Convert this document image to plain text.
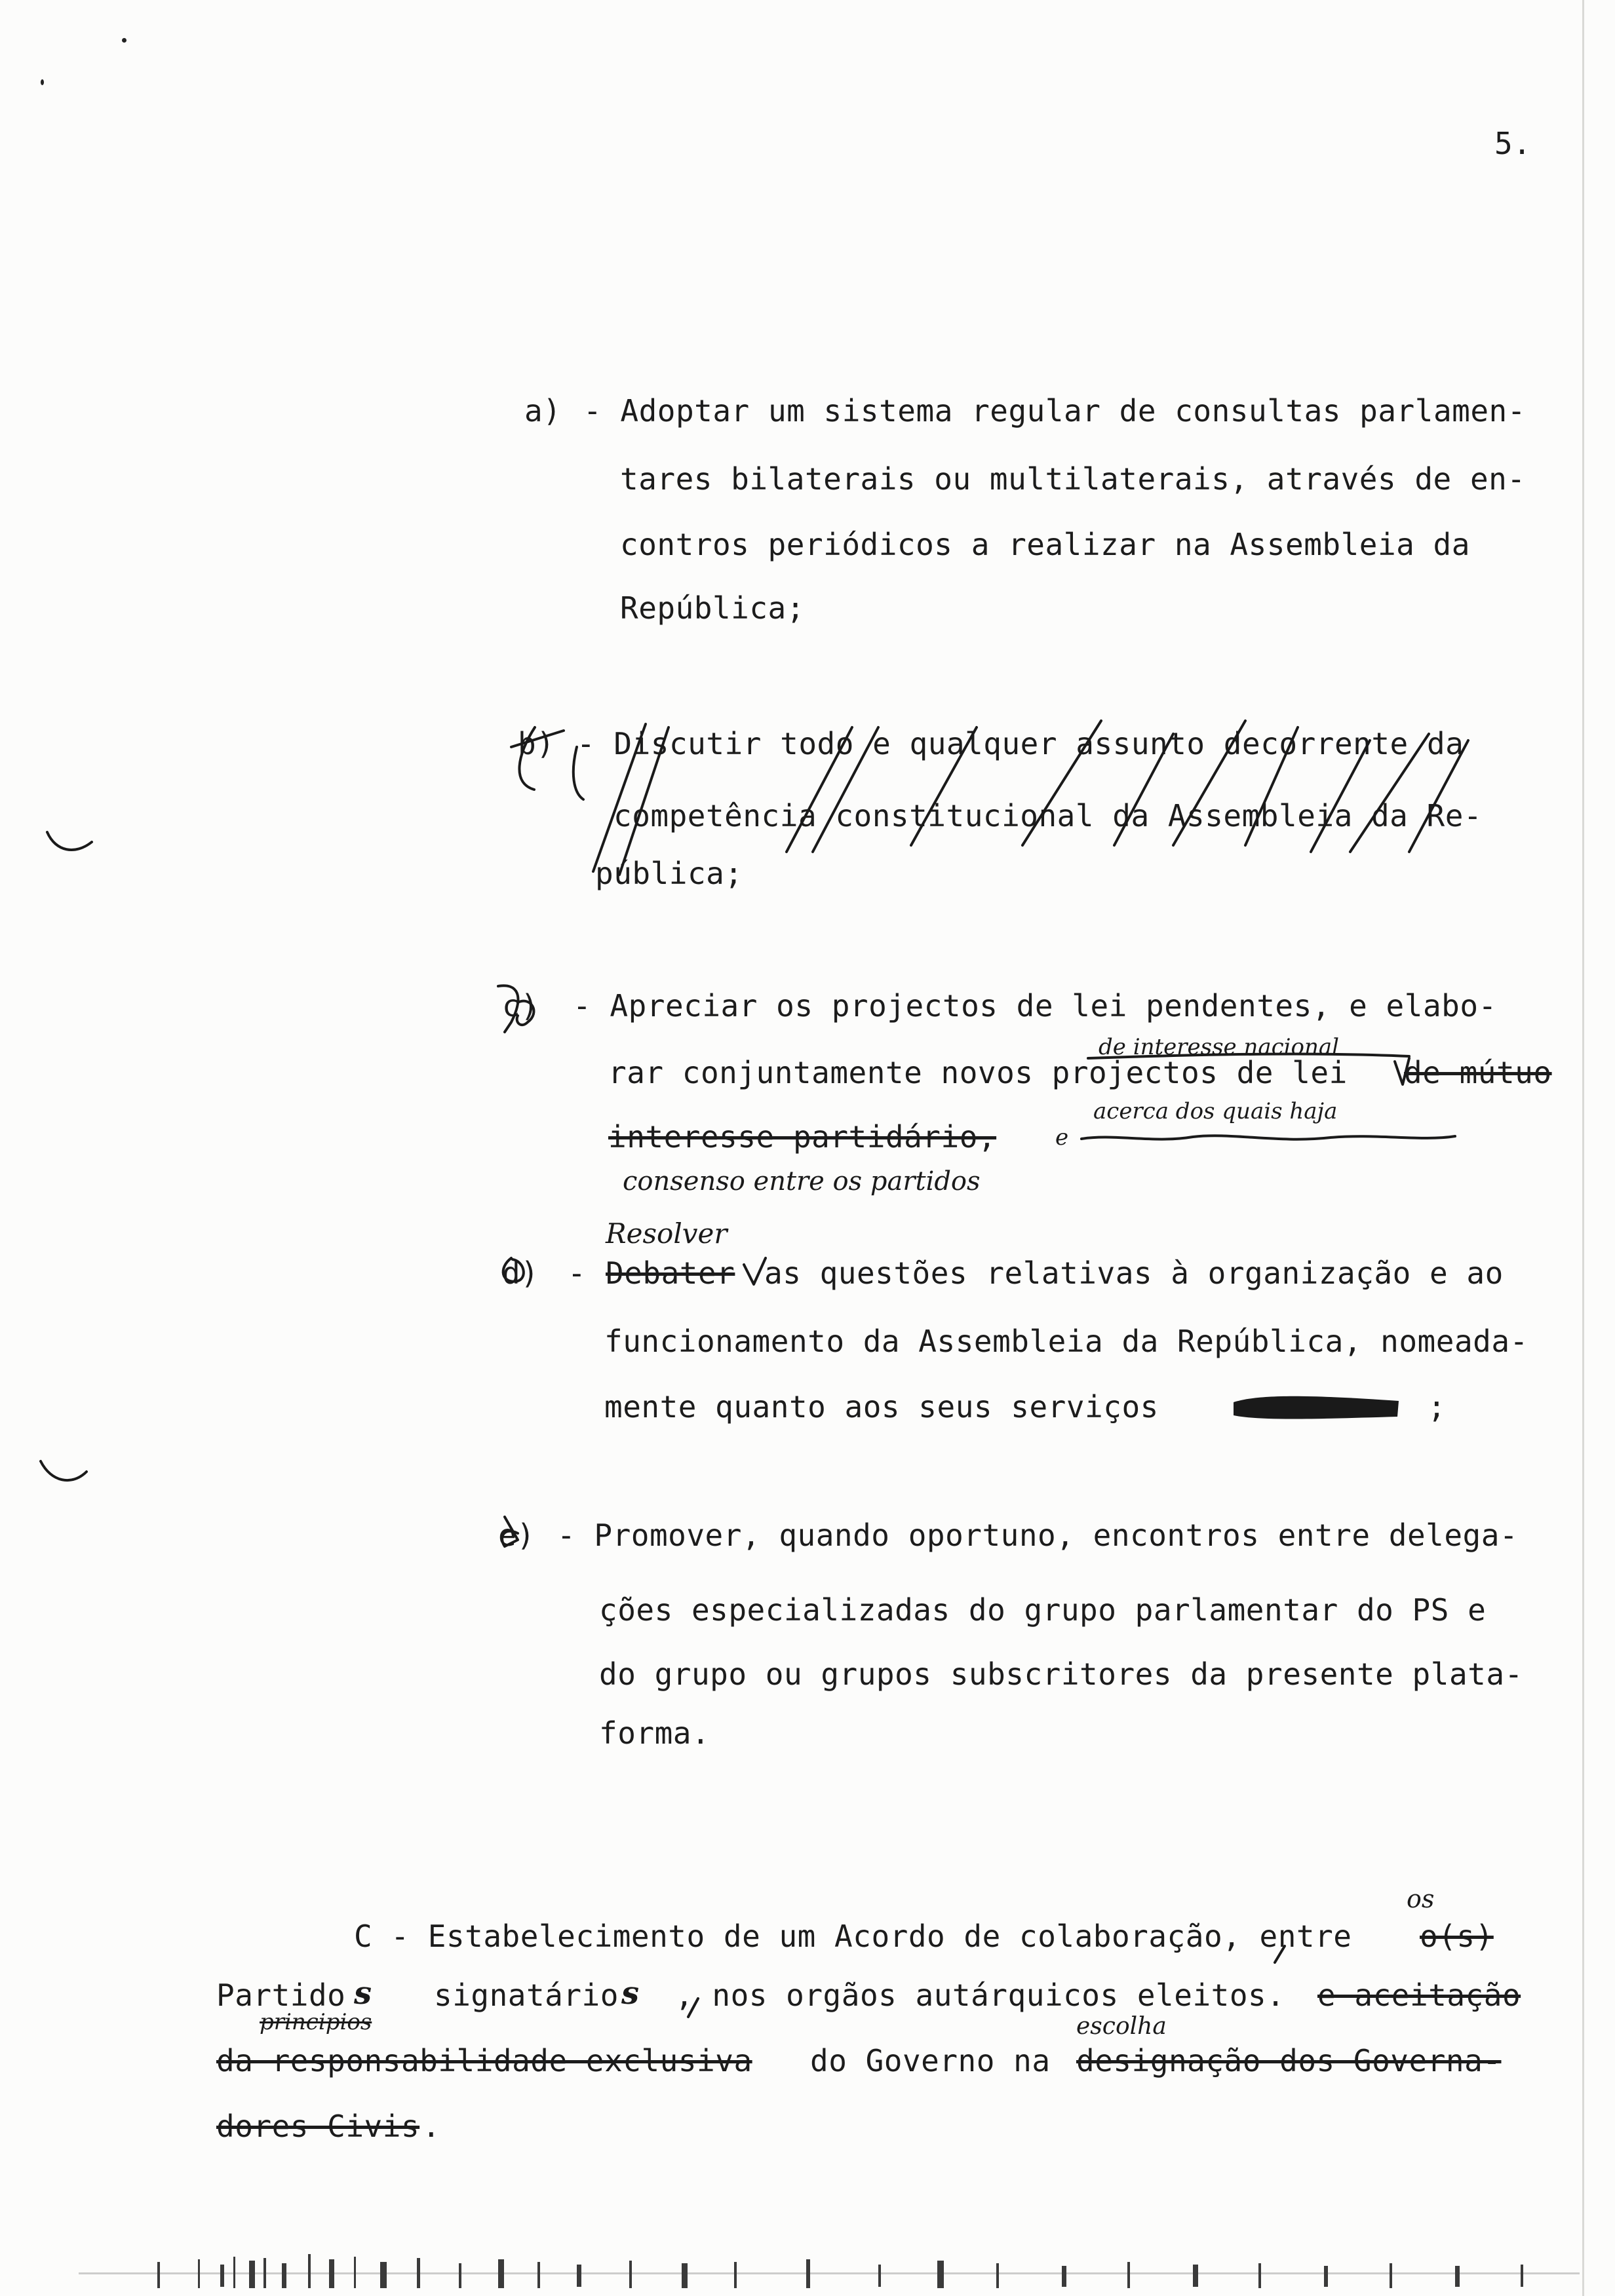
5.
a) - Adoptar um sistema regular de consultas parlamen-
tares bilaterais ou multilaterais, através de en-
contros periódicos a realizar na Assembleia da
República;
b) - Discutir todo e qualquer assunto decorrente da
competência constitucional da Assembleia da Re-
pública;
c) - Apreciar os projectos de lei pendentes, e elabo-
rar conjuntamente novos projectos de lei de mútuo
interesse partidário,
de interesse nacional
acerca dos quais haja
e
consenso entre os partidos
d)
Resolver
- Debater as questões relativas à organização e ao
funcionamento da Assembleia da República, nomeada-
mente quanto aos seus serviços	;
e) - Promover, quando oportuno, encontros entre delega-
ções especializadas do grupo parlamentar do PS e
do grupo ou grupos subscritores da presente plata-
forma.
C - Estabelecimento de um Acordo de colaboração, entre o(s)
os
Partido s signatário s , nos orgãos autárquicos eleitos. e aceitação
principios
da responsabilidade exclusiva do Governo na designação dos Governa-
escolha
dores Civis .
